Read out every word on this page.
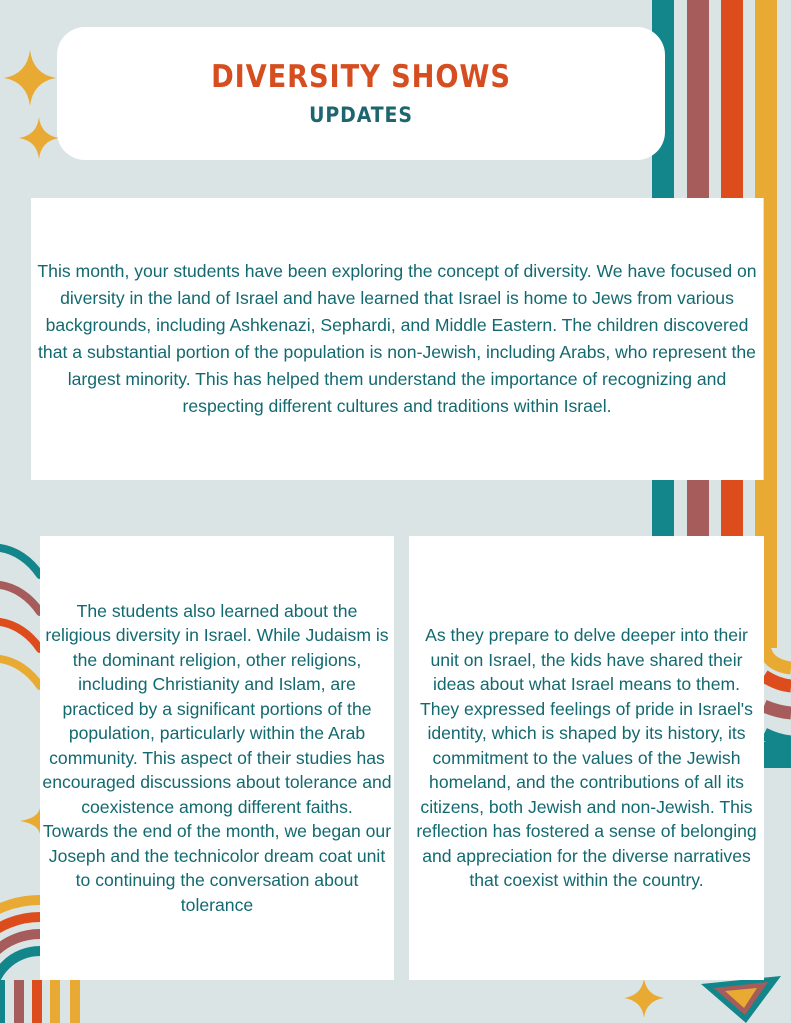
DIVERSITY SHOWS
UPDATES

This month, your students have been exploring the concept of diversity. We have focused on diversity in the land of Israel and have learned that Israel is home to Jews from various backgrounds, including Ashkenazi, Sephardi, and Middle Eastern. The children discovered that a substantial portion of the population is non-Jewish, including Arabs, who represent the largest minority. This has helped them understand the importance of recognizing and respecting different cultures and traditions within Israel.

The students also learned about the religious diversity in Israel. While Judaism is the dominant religion, other religions, including Christianity and Islam, are practiced by a significant portions of the population, particularly within the Arab community. This aspect of their studies has encouraged discussions about tolerance and coexistence among different faiths.

Towards the end of the month, we began our Joseph and the technicolor dream coat unit to continuing the conversation about tolerance

As they prepare to delve deeper into their unit on Israel, the kids have shared their ideas about what Israel means to them. They expressed feelings of pride in Israel's identity, which is shaped by its history, its commitment to the values of the Jewish homeland, and the contributions of all its citizens, both Jewish and non-Jewish. This reflection has fostered a sense of belonging and appreciation for the diverse narratives that coexist within the country.
